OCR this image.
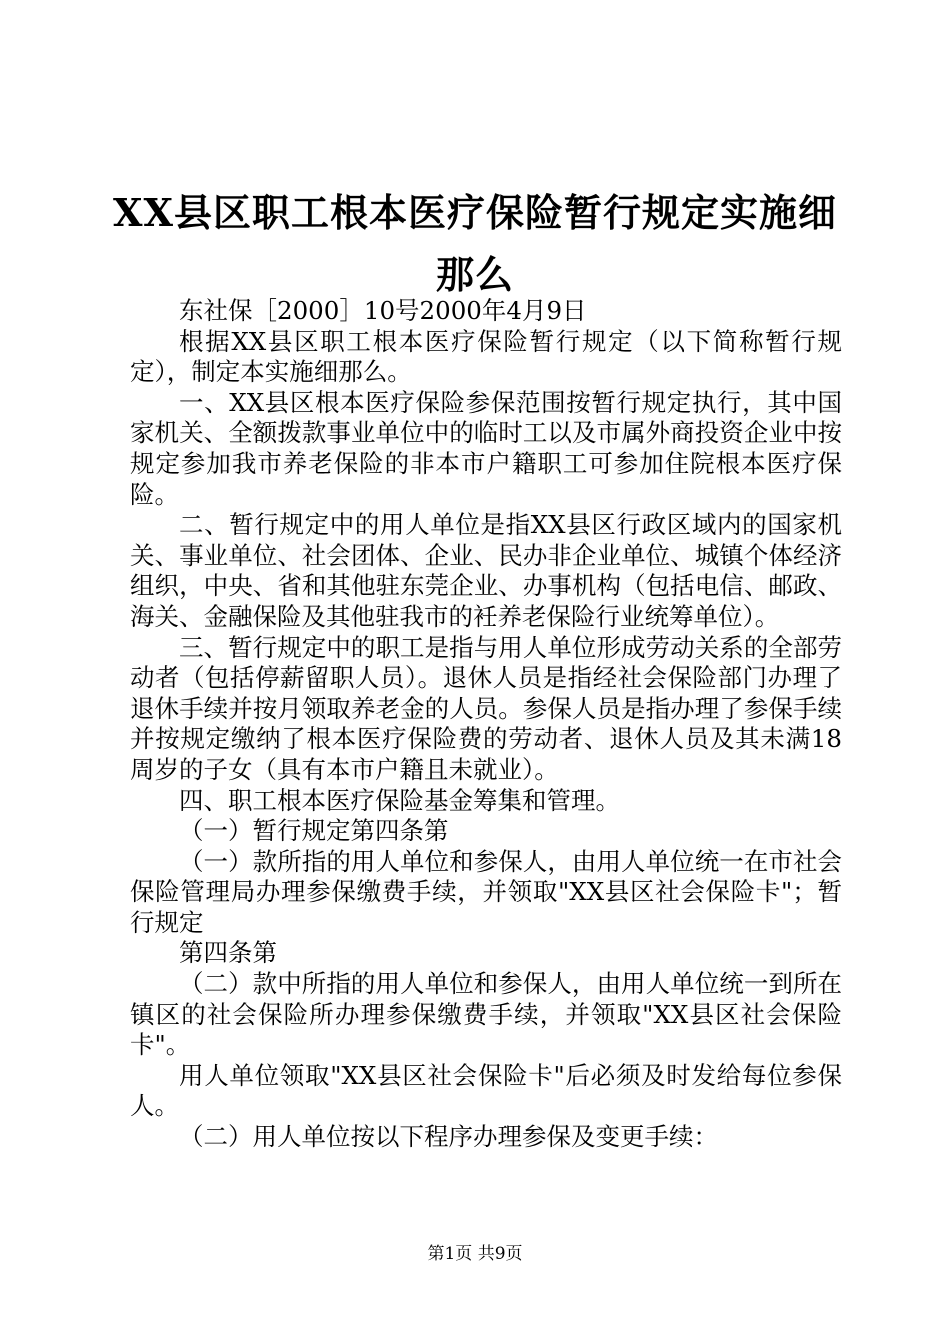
XX县区职工根本医疗保险暂行规定实施细那么

东社保［2000］10号2000年4月9日

根据XX县区职工根本医疗保险暂行规定（以下简称暂行规定），制定本实施细那么。

一、XX县区根本医疗保险参保范围按暂行规定执行，其中国家机关、全额拨款事业单位中的临时工以及市属外商投资企业中按规定参加我市养老保险的非本市户籍职工可参加住院根本医疗保险。

二、暂行规定中的用人单位是指XX县区行政区域内的国家机关、事业单位、社会团体、企业、民办非企业单位、城镇个体经济组织，中央、省和其他驻东莞企业、办事机构（包括电信、邮政、海关、金融保险及其他驻我市的衽养老保险行业统筹单位）。

三、暂行规定中的职工是指与用人单位形成劳动关系的全部劳动者（包括停薪留职人员）。退休人员是指经社会保险部门办理了退休手续并按月领取养老金的人员。参保人员是指办理了参保手续并按规定缴纳了根本医疗保险费的劳动者、退休人员及其未满18周岁的子女（具有本市户籍且未就业）。

四、职工根本医疗保险基金筹集和管理。

（一）暂行规定第四条第

（一）款所指的用人单位和参保人，由用人单位统一在市社会保险管理局办理参保缴费手续，并领取"XX县区社会保险卡"；暂行规定

第四条第

（二）款中所指的用人单位和参保人，由用人单位统一到所在镇区的社会保险所办理参保缴费手续，并领取"XX县区社会保险卡"。

用人单位领取"XX县区社会保险卡"后必须及时发给每位参保人。

（二）用人单位按以下程序办理参保及变更手续：

第1页 共9页
